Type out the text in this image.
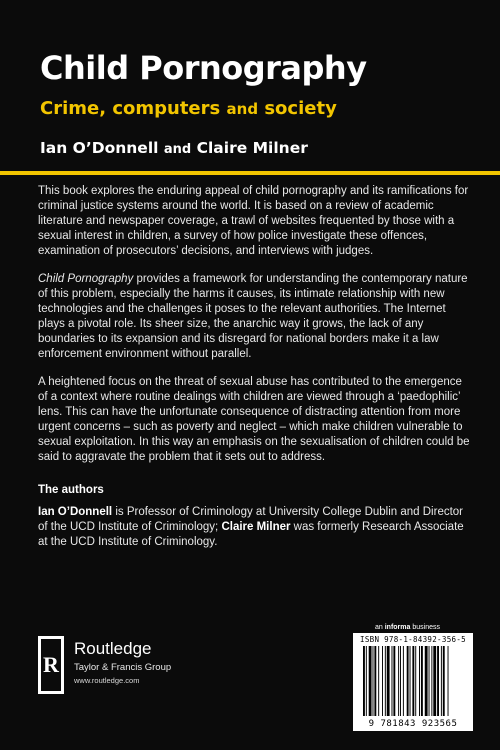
Child Pornography
Crime, computers and society
Ian O’Donnell and Claire Milner

This book explores the enduring appeal of child pornography and its ramifications for criminal justice systems around the world. It is based on a review of academic literature and newspaper coverage, a trawl of websites frequented by those with a sexual interest in children, a survey of how police investigate these offences, examination of prosecutors’ decisions, and interviews with judges.

Child Pornography provides a framework for understanding the contemporary nature of this problem, especially the harms it causes, its intimate relationship with new technologies and the challenges it poses to the relevant authorities. The Internet plays a pivotal role. Its sheer size, the anarchic way it grows, the lack of any boundaries to its expansion and its disregard for national borders make it a law enforcement environment without parallel.

A heightened focus on the threat of sexual abuse has contributed to the emergence of a context where routine dealings with children are viewed through a ‘paedophilic’ lens. This can have the unfortunate consequence of distracting attention from more urgent concerns – such as poverty and neglect – which make children vulnerable to sexual exploitation. In this way an emphasis on the sexualisation of children could be said to aggravate the problem that it sets out to address.

The authors

Ian O’Donnell is Professor of Criminology at University College Dublin and Director of the UCD Institute of Criminology; Claire Milner was formerly Research Associate at the UCD Institute of Criminology.

R
Routledge
Taylor & Francis Group
www.routledge.com
an informa business
ISBN 978-1-84392-356-5
9 781843 923565
